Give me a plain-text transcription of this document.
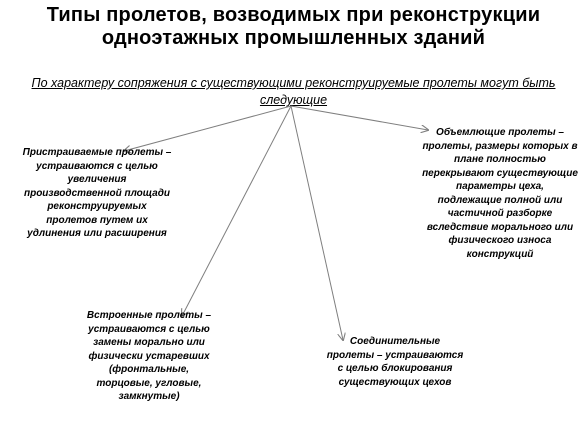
Типы пролетов, возводимых при реконструкции
одноэтажных промышленных зданий
По характеру сопряжения с существующими реконструируемые пролеты могут быть следующие
Пристраиваемые пролеты –
устраиваются с целью
увеличения
производственной площади
реконструируемых
пролетов путем их
удлинения или расширения
Объемлющие пролеты –
пролеты, размеры которых в
плане полностью
перекрывают существующие
параметры цеха,
подлежащие полной или
частичной разборке
вследствие морального или
физического износа
конструкций
Встроенные пролеты –
устраиваются с целью
замены морально или
физически устаревших
(фронтальные,
торцовые, угловые,
замкнутые)
Соединительные
пролеты – устраиваются
с целью блокирования
существующих цехов
